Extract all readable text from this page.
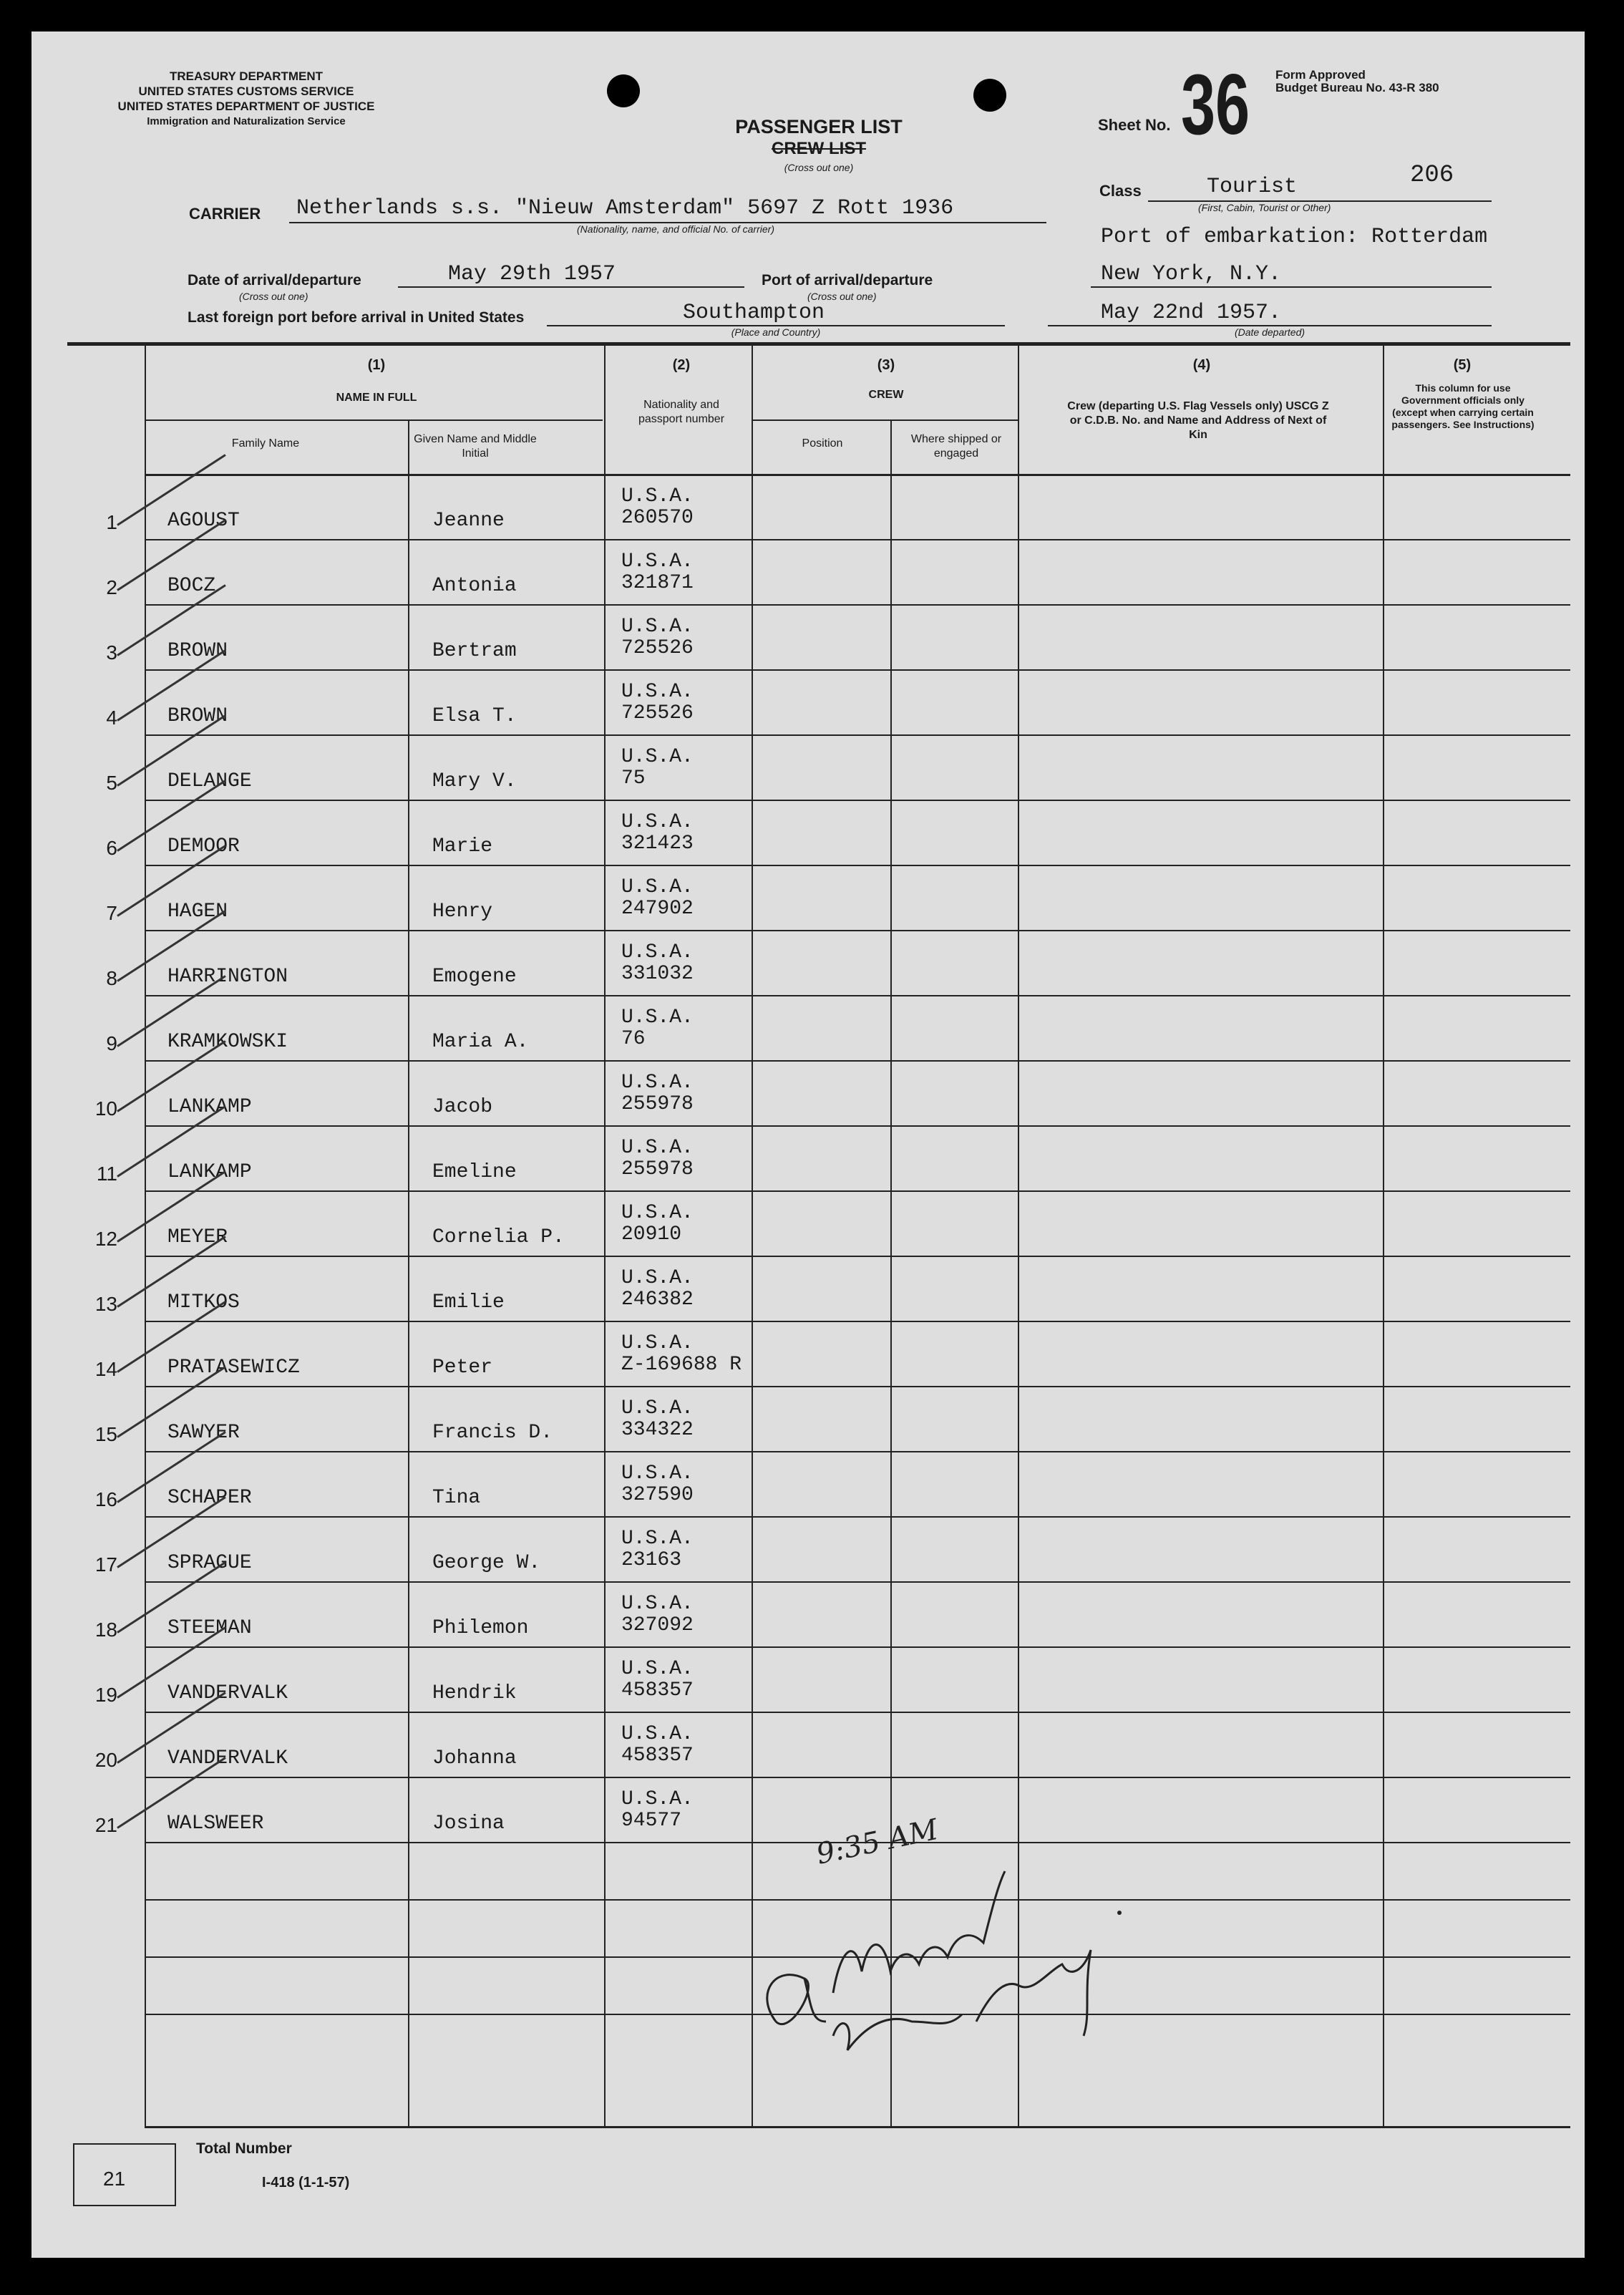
TREASURY DEPARTMENT
UNITED STATES CUSTOMS SERVICE
UNITED STATES DEPARTMENT OF JUSTICE
Immigration and Naturalization Service	PASSENGER LIST
CREW LIST
(Cross out one)
Sheet No. 36 Form Approved
Budget Bureau No. 43-R 380
Class	Tourist	206
(First, Cabin, Tourist or Other)
CARRIER Netherlands s.s. "Nieuw Amsterdam" 5697 Z Rott 1936
(Nationality, name, and official No. of carrier)	Port of embarkation: Rotterdam
Date of arrival/departure
(Cross out one)
May 29th 1957	Port of arrival/departure
(Cross out one)
New York, N.Y.
Last foreign port before arrival in United States	Southampton
(Place and Country)
May 22nd 1957.
(Date departed)
(1)
NAME IN FULL
Family Name	Given Name and Middle Initial
(2)
Nationality and passport number
(3)
CREW
Position	Where shipped or engaged
(4)
Crew (departing U.S. Flag Vessels only) USCG Z or C.D.B. No. and Name and Address of Next of Kin
(5)
This column for use Government officials only (except when carrying certain passengers. See Instructions)
1	AGOUST	Jeanne
U.S.A.
260570
2	BOCZ	Antonia
U.S.A.
321871
3	BROWN	Bertram
U.S.A.
725526
4	BROWN	Elsa T.
U.S.A.
725526
5	DELANGE	Mary V.
U.S.A.
75
6	DEMOOR	Marie
U.S.A.
321423
7	HAGEN	Henry
U.S.A.
247902
8	HARRINGTON	Emogene
U.S.A.
331032
9	KRAMKOWSKI	Maria A.
U.S.A.
76
10	LANKAMP	Jacob
U.S.A.
255978
11	LANKAMP	Emeline
U.S.A.
255978
12	MEYER	Cornelia P.
U.S.A.
20910
13	MITKOS	Emilie
U.S.A.
246382
14	PRATASEWICZ	Peter
U.S.A.
Z-169688 R
15	SAWYER	Francis D.
U.S.A.
334322
16	SCHAPER	Tina
U.S.A.
327590
17	SPRAGUE	George W.
U.S.A.
23163
18	STEEMAN	Philemon
U.S.A.
327092
19	VANDERVALK	Hendrik
U.S.A.
458357
20	VANDERVALK	Johanna
U.S.A.
458357
21	WALSWEER	Josina
U.S.A.
94577	9:35 AM
21
Total Number
I-418 (1-1-57)
